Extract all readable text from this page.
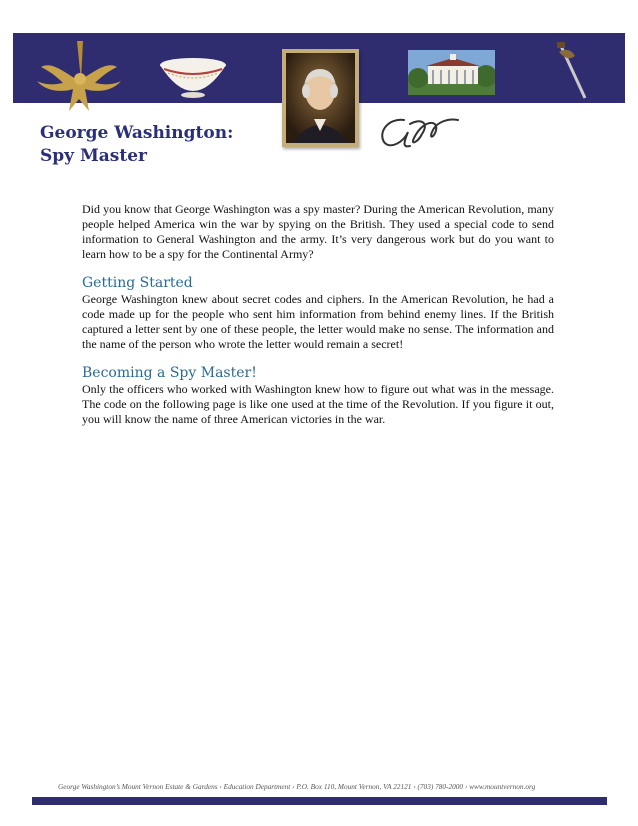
George Washington:
Spy Master

Did you know that George Washington was a spy master? During the American Revolution, many people helped America win the war by spying on the British. They used a special code to send information to General Washington and the army. It’s very dangerous work but do you want to learn how to be a spy for the Continental Army?

Getting Started

George Washington knew about secret codes and ciphers. In the American Revolution, he had a code made up for the people who sent him information from behind enemy lines. If the British captured a letter sent by one of these people, the letter would make no sense. The information and the name of the person who wrote the letter would remain a secret!

Becoming a Spy Master!

Only the officers who worked with Washington knew how to figure out what was in the message. The code on the following page is like one used at the time of the Revolution. If you figure it out, you will know the name of three American victories in the war.

George Washington’s Mount Vernon Estate & Gardens › Education Department › P.O. Box 110, Mount Vernon, VA 22121 › (703) 780-2000 › www.mountvernon.org
